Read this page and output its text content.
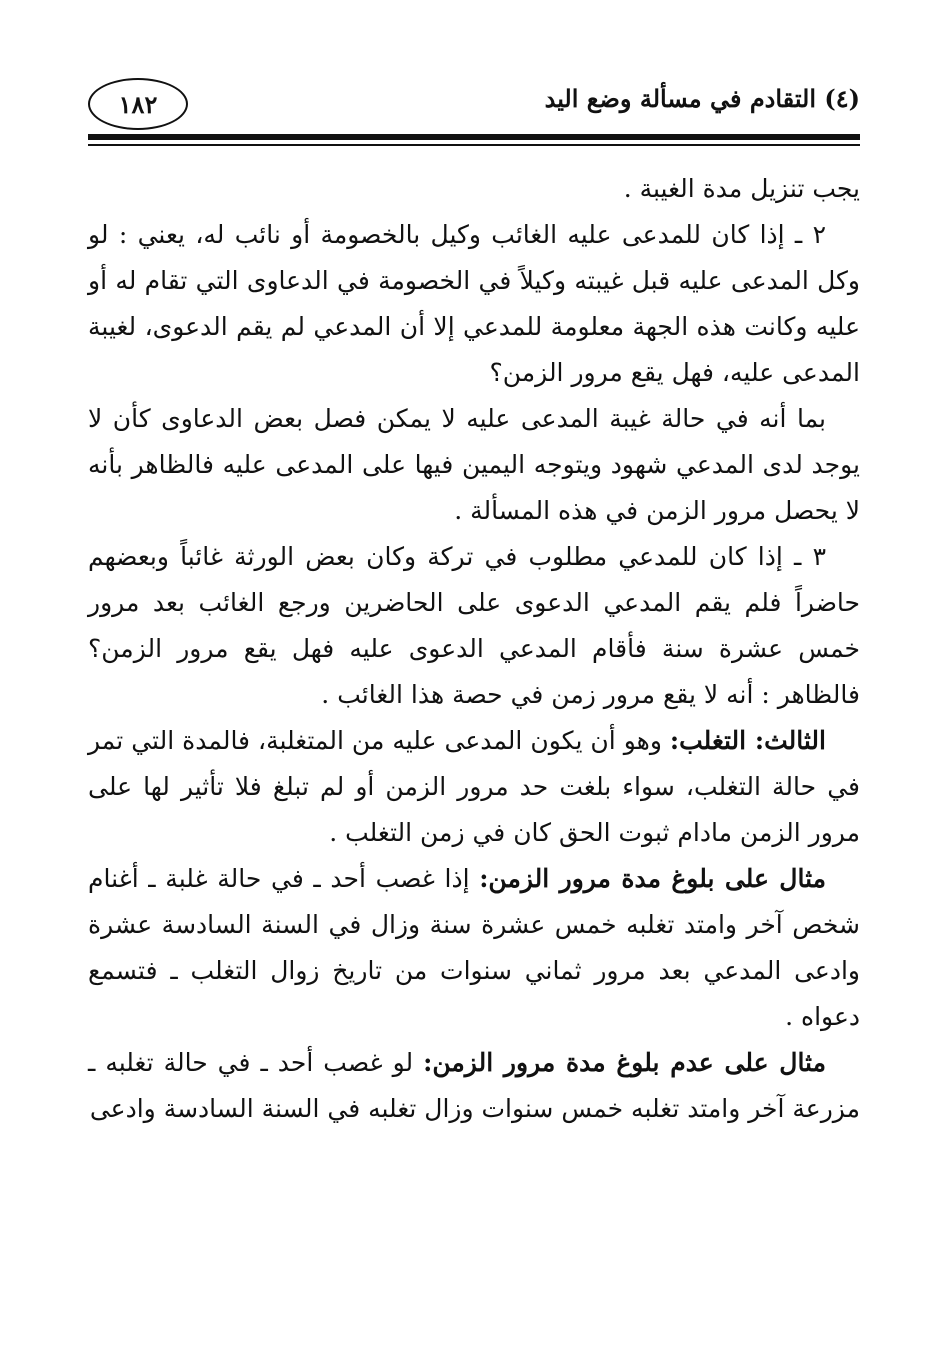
١٨٢	(٤) التقادم في مسألة وضع اليد

يجب تنزيل مدة الغيبة .

٢ ـ إذا كان للمدعى عليه الغائب وكيل بالخصومة أو نائب له، يعني : لو وكل المدعى عليه قبل غيبته وكيلاً في الخصومة في الدعاوى التي تقام له أو عليه وكانت هذه الجهة معلومة للمدعي إلا أن المدعي لم يقم الدعوى، لغيبة المدعى عليه، فهل يقع مرور الزمن؟

بما أنه في حالة غيبة المدعى عليه لا يمكن فصل بعض الدعاوى كأن لا يوجد لدى المدعي شهود ويتوجه اليمين فيها على المدعى عليه فالظاهر بأنه لا يحصل مرور الزمن في هذه المسألة .

٣ ـ إذا كان للمدعي مطلوب في تركة وكان بعض الورثة غائباً وبعضهم حاضراً فلم يقم المدعي الدعوى على الحاضرين ورجع الغائب بعد مرور خمس عشرة سنة فأقام المدعي الدعوى عليه فهل يقع مرور الزمن؟ فالظاهر : أنه لا يقع مرور زمن في حصة هذا الغائب .

الثالث: التغلب: وهو أن يكون المدعى عليه من المتغلبة، فالمدة التي تمر في حالة التغلب، سواء بلغت حد مرور الزمن أو لم تبلغ فلا تأثير لها على مرور الزمن مادام ثبوت الحق كان في زمن التغلب .

مثال على بلوغ مدة مرور الزمن: إذا غصب أحد ـ في حالة غلبة ـ أغنام شخص آخر وامتد تغلبه خمس عشرة سنة وزال في السنة السادسة عشرة وادعى المدعي بعد مرور ثماني سنوات من تاريخ زوال التغلب ـ فتسمع دعواه .

مثال على عدم بلوغ مدة مرور الزمن: لو غصب أحد ـ في حالة تغلبه ـ مزرعة آخر وامتد تغلبه خمس سنوات وزال تغلبه في السنة السادسة وادعى
